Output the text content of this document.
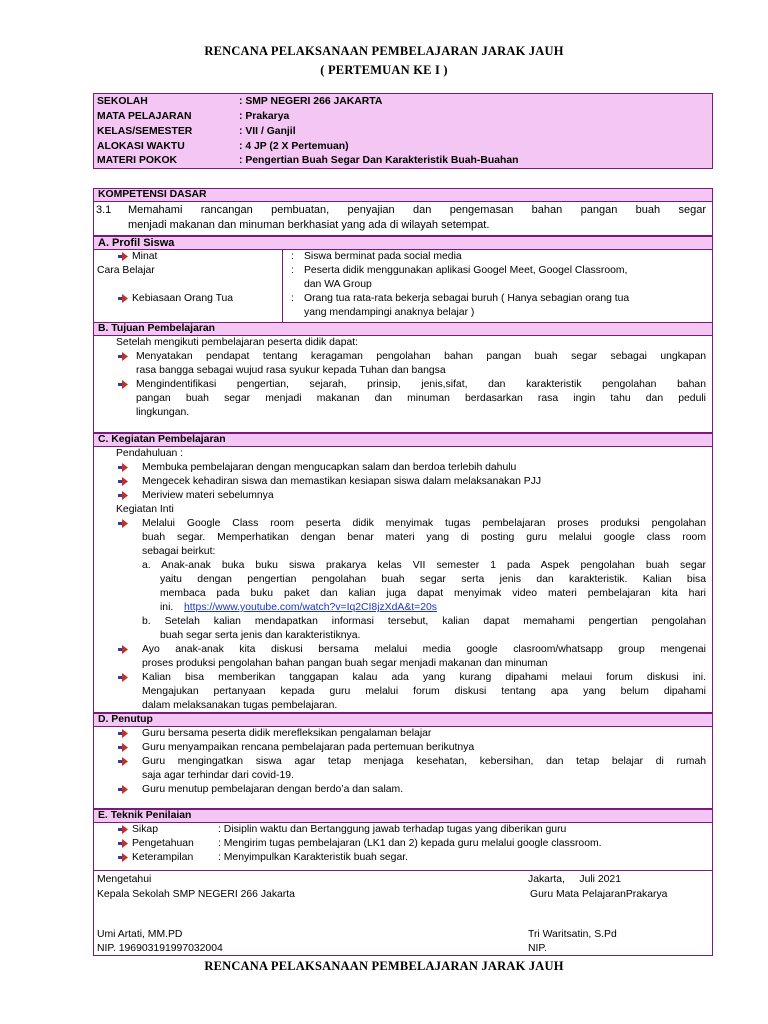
RENCANA PELAKSANAAN PEMBELAJARAN JARAK JAUH
( PERTEMUAN KE I )
SEKOLAH	: SMP NEGERI 266 JAKARTA
MATA PELAJARAN	: Prakarya
KELAS/SEMESTER	: VII / Ganjil
ALOKASI WAKTU	: 4 JP (2 X Pertemuan)
MATERI POKOK	: Pengertian Buah Segar Dan Karakteristik Buah-Buahan
KOMPETENSI DASAR
3.1 Memahami rancangan pembuatan, penyajian dan pengemasan bahan pangan buah segar
menjadi makanan dan minuman berkhasiat yang ada di wilayah setempat.
A. Profil Siswa
Minat	: Siswa berminat pada social media
Cara Belajar	: Peserta didik menggunakan aplikasi Googel Meet, Googel Classroom,
dan WA Group
Kebiasaan Orang Tua	: Orang tua rata-rata bekerja sebagai buruh ( Hanya sebagian orang tua
yang mendampingi anaknya belajar )
B. Tujuan Pembelajaran
Setelah mengikuti pembelajaran peserta didik dapat:
Menyatakan pendapat tentang keragaman pengolahan bahan pangan buah segar sebagai ungkapan
rasa bangga sebagai wujud rasa syukur kepada Tuhan dan bangsa
Mengindentifikasi pengertian, sejarah, prinsip, jenis,sifat, dan karakteristik pengolahan bahan
pangan buah segar menjadi makanan dan minuman berdasarkan rasa ingin tahu dan peduli
lingkungan.
C. Kegiatan Pembelajaran
Pendahuluan :
Membuka pembelajaran dengan mengucapkan salam dan berdoa terlebih dahulu
Mengecek kehadiran siswa dan memastikan kesiapan siswa dalam melaksanakan PJJ
Meriview materi sebelumnya
Kegiatan Inti
Melalui Google Class room peserta didik menyimak tugas pembelajaran proses produksi pengolahan
buah segar. Memperhatikan dengan benar materi yang di posting guru melalui google class room
sebagai beirkut:
a. Anak-anak buka buku siswa prakarya kelas VII semester 1 pada Aspek pengolahan buah segar
yaitu dengan pengertian pengolahan buah segar serta jenis dan karakteristik. Kalian bisa
membaca pada buku paket dan kalian juga dapat menyimak video materi pembelajaran kita hari
ini. https://www.youtube.com/watch?v=Iq2CI8jzXdA&t=20s
b. Setelah kalian mendapatkan informasi tersebut, kalian dapat memahami pengertian pengolahan
buah segar serta jenis dan karakteristiknya.
Ayo anak-anak kita diskusi bersama melalui media google clasroom/whatsapp group mengenai
proses produksi pengolahan bahan pangan buah segar menjadi makanan dan minuman
Kalian bisa memberikan tanggapan kalau ada yang kurang dipahami melaui forum diskusi ini.
Mengajukan pertanyaan kepada guru melalui forum diskusi tentang apa yang belum dipahami
dalam melaksanakan tugas pembelajaran.
D. Penutup
Guru bersama peserta didik merefleksikan pengalaman belajar
Guru menyampaikan rencana pembelajaran pada pertemuan berikutnya
Guru mengingatkan siswa agar tetap menjaga kesehatan, kebersihan, dan tetap belajar di rumah
saja agar terhindar dari covid-19.
Guru menutup pembelajaran dengan berdo’a dan salam.
E. Teknik Penilaian
Sikap	: Disiplin waktu dan Bertanggung jawab terhadap tugas yang diberikan guru
Pengetahuan : Mengirim tugas pembelajaran (LK1 dan 2) kepada guru melalui google classroom.
Keterampilan : Menyimpulkan Karakteristik buah segar.
Mengetahui
Kepala Sekolah SMP NEGERI 266 Jakarta
Umi Artati, MM.PD
NIP. 196903191997032004
Jakarta,     Juli 2021
Guru Mata PelajaranPrakarya
Tri Waritsatin, S.Pd
NIP.
RENCANA PELAKSANAAN PEMBELAJARAN JARAK JAUH
